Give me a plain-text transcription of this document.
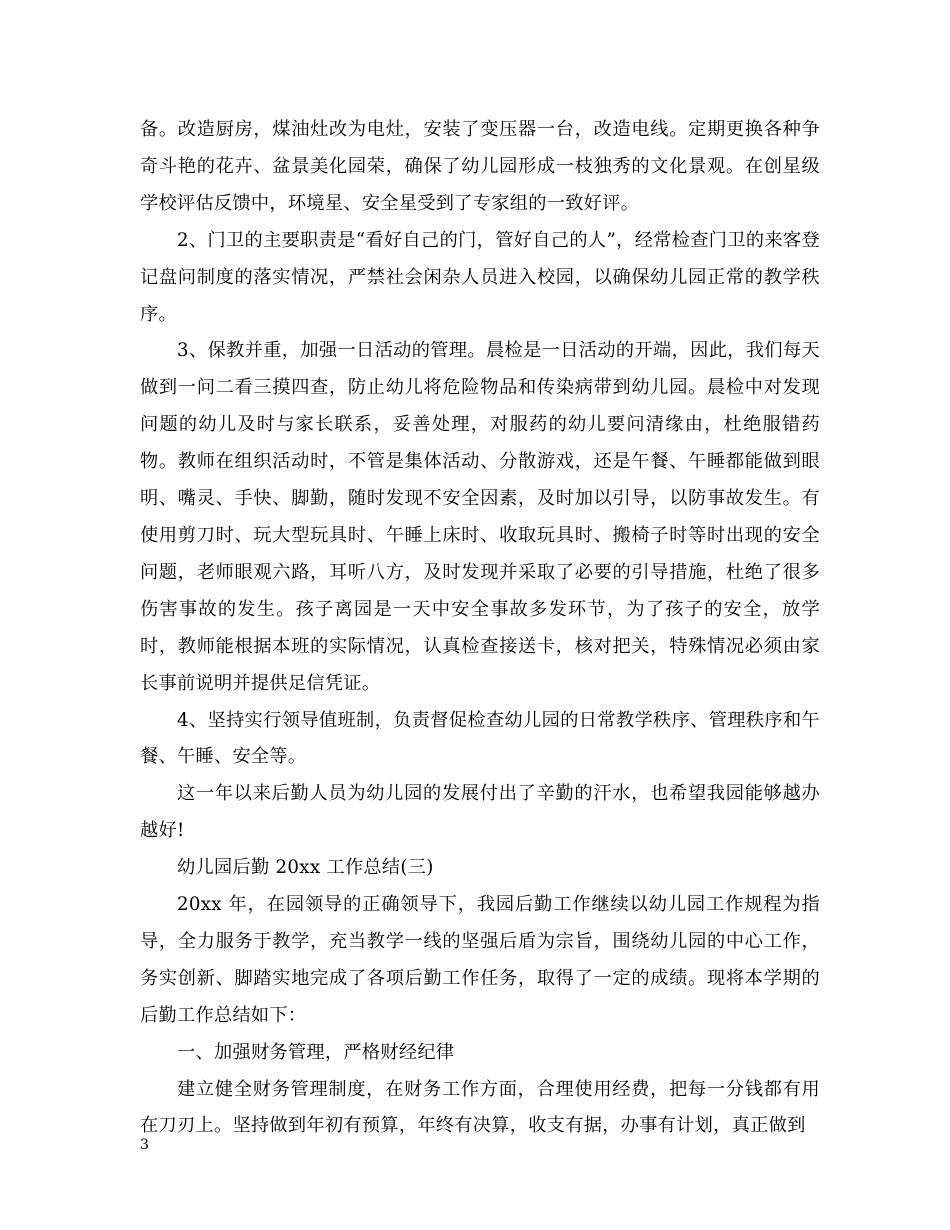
备。改造厨房，煤油灶改为电灶，安装了变压器一台，改造电线。定期更换各种争奇斗艳的花卉、盆景美化园荣，确保了幼儿园形成一枝独秀的文化景观。在创星级学校评估反馈中，环境星、安全星受到了专家组的一致好评。

2、门卫的主要职责是“看好自己的门，管好自己的人”，经常检查门卫的来客登记盘问制度的落实情况，严禁社会闲杂人员进入校园，以确保幼儿园正常的教学秩序。

3、保教并重，加强一日活动的管理。晨检是一日活动的开端，因此，我们每天做到一问二看三摸四查，防止幼儿将危险物品和传染病带到幼儿园。晨检中对发现问题的幼儿及时与家长联系，妥善处理，对服药的幼儿要问清缘由，杜绝服错药物。教师在组织活动时，不管是集体活动、分散游戏，还是午餐、午睡都能做到眼明、嘴灵、手快、脚勤，随时发现不安全因素，及时加以引导，以防事故发生。有使用剪刀时、玩大型玩具时、午睡上床时、收取玩具时、搬椅子时等时出现的安全问题，老师眼观六路，耳听八方，及时发现并采取了必要的引导措施，杜绝了很多伤害事故的发生。孩子离园是一天中安全事故多发环节，为了孩子的安全，放学时，教师能根据本班的实际情况，认真检查接送卡，核对把关，特殊情况必须由家长事前说明并提供足信凭证。

4、坚持实行领导值班制，负责督促检查幼儿园的日常教学秩序、管理秩序和午餐、午睡、安全等。

这一年以来后勤人员为幼儿园的发展付出了辛勤的汗水，也希望我园能够越办越好!

幼儿园后勤 20xx 工作总结(三)

20xx 年，在园领导的正确领导下，我园后勤工作继续以幼儿园工作规程为指导，全力服务于教学，充当教学一线的坚强后盾为宗旨，围绕幼儿园的中心工作，务实创新、脚踏实地完成了各项后勤工作任务，取得了一定的成绩。现将本学期的后勤工作总结如下：

一、加强财务管理，严格财经纪律

建立健全财务管理制度，在财务工作方面，合理使用经费，把每一分钱都有用在刀刃上。坚持做到年初有预算，年终有决算，收支有据，办事有计划，真正做到

3
